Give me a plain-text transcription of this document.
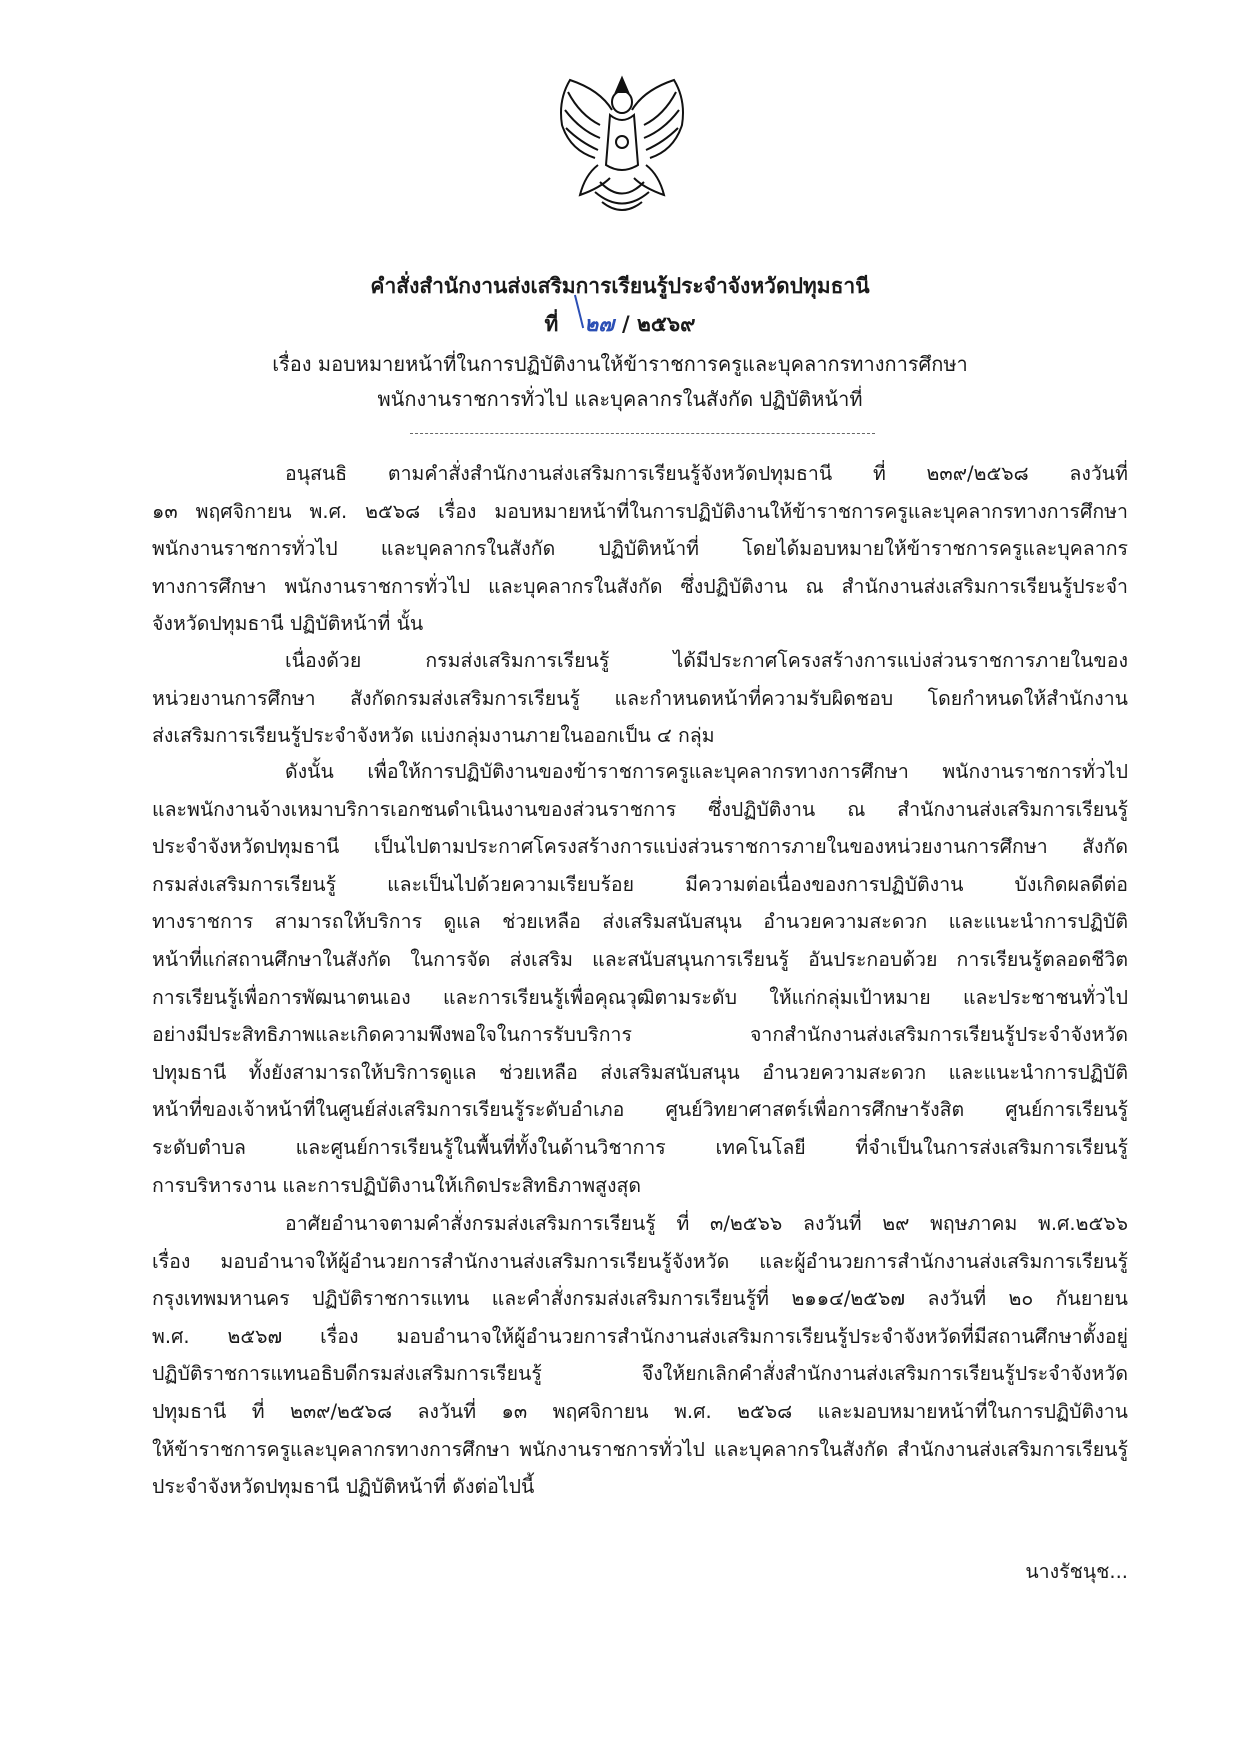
คำสั่งสำนักงานส่งเสริมการเรียนรู้ประจำจังหวัดปทุมธานี
ที่ ๒๗ / ๒๕๖๙
เรื่อง มอบหมายหน้าที่ในการปฏิบัติงานให้ข้าราชการครูและบุคลากรทางการศึกษา
พนักงานราชการทั่วไป และบุคลากรในสังกัด ปฏิบัติหน้าที่
อนุสนธิ ตามคำสั่งสำนักงานส่งเสริมการเรียนรู้จังหวัดปทุมธานี ที่ ๒๓๙/๒๕๖๘ ลงวันที่
๑๓ พฤศจิกายน พ.ศ. ๒๕๖๘ เรื่อง มอบหมายหน้าที่ในการปฏิบัติงานให้ข้าราชการครูและบุคลากรทางการศึกษา
พนักงานราชการทั่วไป และบุคลากรในสังกัด ปฏิบัติหน้าที่ โดยได้มอบหมายให้ข้าราชการครูและบุคลากร
ทางการศึกษา พนักงานราชการทั่วไป และบุคลากรในสังกัด ซึ่งปฏิบัติงาน ณ สำนักงานส่งเสริมการเรียนรู้ประจำ
จังหวัดปทุมธานี ปฏิบัติหน้าที่ นั้น
เนื่องด้วย กรมส่งเสริมการเรียนรู้ ได้มีประกาศโครงสร้างการแบ่งส่วนราชการภายในของ
หน่วยงานการศึกษา สังกัดกรมส่งเสริมการเรียนรู้ และกำหนดหน้าที่ความรับผิดชอบ โดยกำหนดให้สำนักงาน
ส่งเสริมการเรียนรู้ประจำจังหวัด แบ่งกลุ่มงานภายในออกเป็น ๔ กลุ่ม
ดังนั้น เพื่อให้การปฏิบัติงานของข้าราชการครูและบุคลากรทางการศึกษา พนักงานราชการทั่วไป
และพนักงานจ้างเหมาบริการเอกชนดำเนินงานของส่วนราชการ ซึ่งปฏิบัติงาน ณ สำนักงานส่งเสริมการเรียนรู้
ประจำจังหวัดปทุมธานี เป็นไปตามประกาศโครงสร้างการแบ่งส่วนราชการภายในของหน่วยงานการศึกษา สังกัด
กรมส่งเสริมการเรียนรู้ และเป็นไปด้วยความเรียบร้อย มีความต่อเนื่องของการปฏิบัติงาน บังเกิดผลดีต่อ
ทางราชการ สามารถให้บริการ ดูแล ช่วยเหลือ ส่งเสริมสนับสนุน อำนวยความสะดวก และแนะนำการปฏิบัติ
หน้าที่แก่สถานศึกษาในสังกัด ในการจัด ส่งเสริม และสนับสนุนการเรียนรู้ อันประกอบด้วย การเรียนรู้ตลอดชีวิต
การเรียนรู้เพื่อการพัฒนาตนเอง และการเรียนรู้เพื่อคุณวุฒิตามระดับ ให้แก่กลุ่มเป้าหมาย และประชาชนทั่วไป
อย่างมีประสิทธิภาพและเกิดความพึงพอใจในการรับบริการ จากสำนักงานส่งเสริมการเรียนรู้ประจำจังหวัด
ปทุมธานี ทั้งยังสามารถให้บริการดูแล ช่วยเหลือ ส่งเสริมสนับสนุน อำนวยความสะดวก และแนะนำการปฏิบัติ
หน้าที่ของเจ้าหน้าที่ในศูนย์ส่งเสริมการเรียนรู้ระดับอำเภอ ศูนย์วิทยาศาสตร์เพื่อการศึกษารังสิต ศูนย์การเรียนรู้
ระดับตำบล และศูนย์การเรียนรู้ในพื้นที่ทั้งในด้านวิชาการ เทคโนโลยี ที่จำเป็นในการส่งเสริมการเรียนรู้
การบริหารงาน และการปฏิบัติงานให้เกิดประสิทธิภาพสูงสุด
อาศัยอำนาจตามคำสั่งกรมส่งเสริมการเรียนรู้ ที่ ๓/๒๕๖๖ ลงวันที่ ๒๙ พฤษภาคม พ.ศ.๒๕๖๖
เรื่อง มอบอำนาจให้ผู้อำนวยการสำนักงานส่งเสริมการเรียนรู้จังหวัด และผู้อำนวยการสำนักงานส่งเสริมการเรียนรู้
กรุงเทพมหานคร ปฏิบัติราชการแทน และคำสั่งกรมส่งเสริมการเรียนรู้ที่ ๒๑๑๔/๒๕๖๗ ลงวันที่ ๒๐ กันยายน
พ.ศ. ๒๕๖๗ เรื่อง มอบอำนาจให้ผู้อำนวยการสำนักงานส่งเสริมการเรียนรู้ประจำจังหวัดที่มีสถานศึกษาตั้งอยู่
ปฏิบัติราชการแทนอธิบดีกรมส่งเสริมการเรียนรู้ จึงให้ยกเลิกคำสั่งสำนักงานส่งเสริมการเรียนรู้ประจำจังหวัด
ปทุมธานี ที่ ๒๓๙/๒๕๖๘ ลงวันที่ ๑๓ พฤศจิกายน พ.ศ. ๒๕๖๘ และมอบหมายหน้าที่ในการปฏิบัติงาน
ให้ข้าราชการครูและบุคลากรทางการศึกษา พนักงานราชการทั่วไป และบุคลากรในสังกัด สำนักงานส่งเสริมการเรียนรู้
ประจำจังหวัดปทุมธานี ปฏิบัติหน้าที่ ดังต่อไปนี้
นางรัชนุช...
